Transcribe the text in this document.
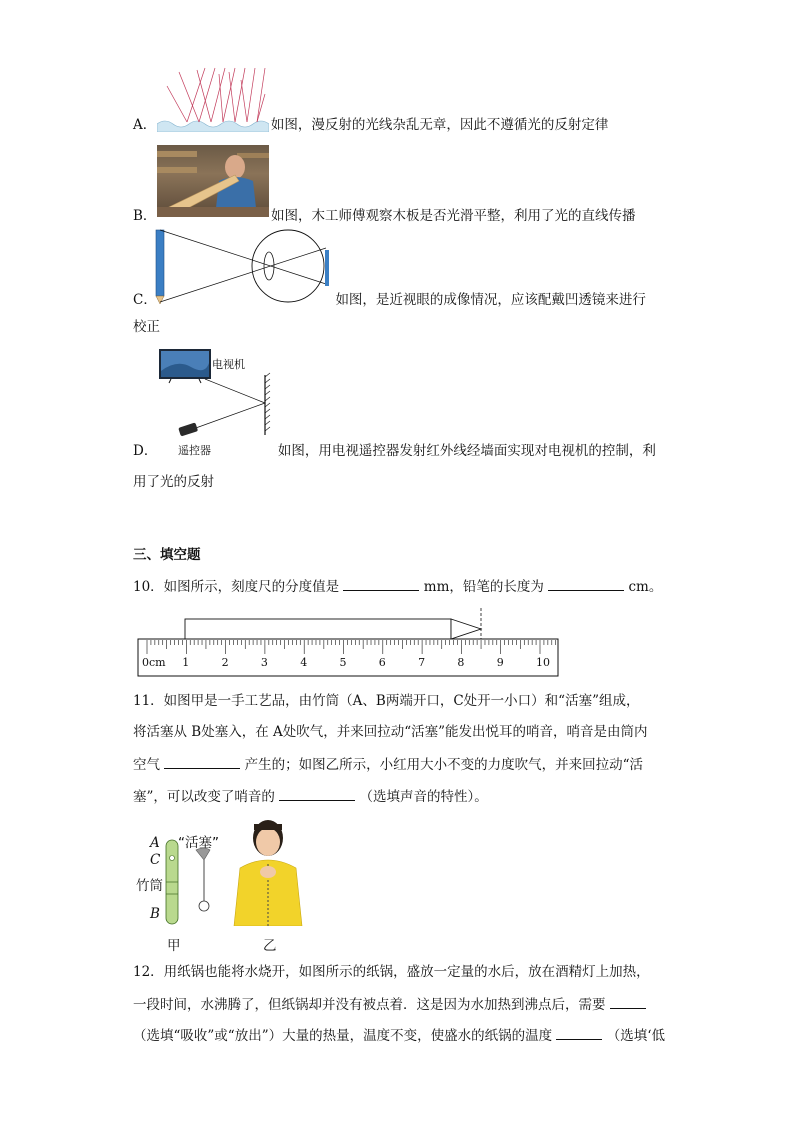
A．	如图，漫反射的光线杂乱无章，因此不遵循光的反射定律
B．	如图，木工师傅观察木板是否光滑平整，利用了光的直线传播
C．	如图，是近视眼的成像情况，应该配戴凹透镜来进行
校正
电视机
遥控器
D．	如图，用电视遥控器发射红外线经墙面实现对电视机的控制，利
用了光的反射
三、填空题
10．如图所示，刻度尺的分度值是	mm，铅笔的长度为	cm。
0cm 1	2	3	4	5	6	7	8	9	10
11．如图甲是一手工艺品，由竹筒（A、B两端开口，C处开一小口）和“活塞”组成，
将活塞从 B处塞入，在 A处吹气，并来回拉动“活塞”能发出悦耳的哨音，哨音是由筒内
空气	产生的；如图乙所示，小红用大小不变的力度吹气，并来回拉动“活
塞”，可以改变了哨音的	（选填声音的特性）。
A
C
竹筒
B
“活塞”
甲	乙
12．用纸锅也能将水烧开，如图所示的纸锅，盛放一定量的水后，放在酒精灯上加热，
一段时间，水沸腾了，但纸锅却并没有被点着．这是因为水加热到沸点后，需要
（选填“吸收”或“放出”）大量的热量，温度不变，使盛水的纸锅的温度	（选填‘低
